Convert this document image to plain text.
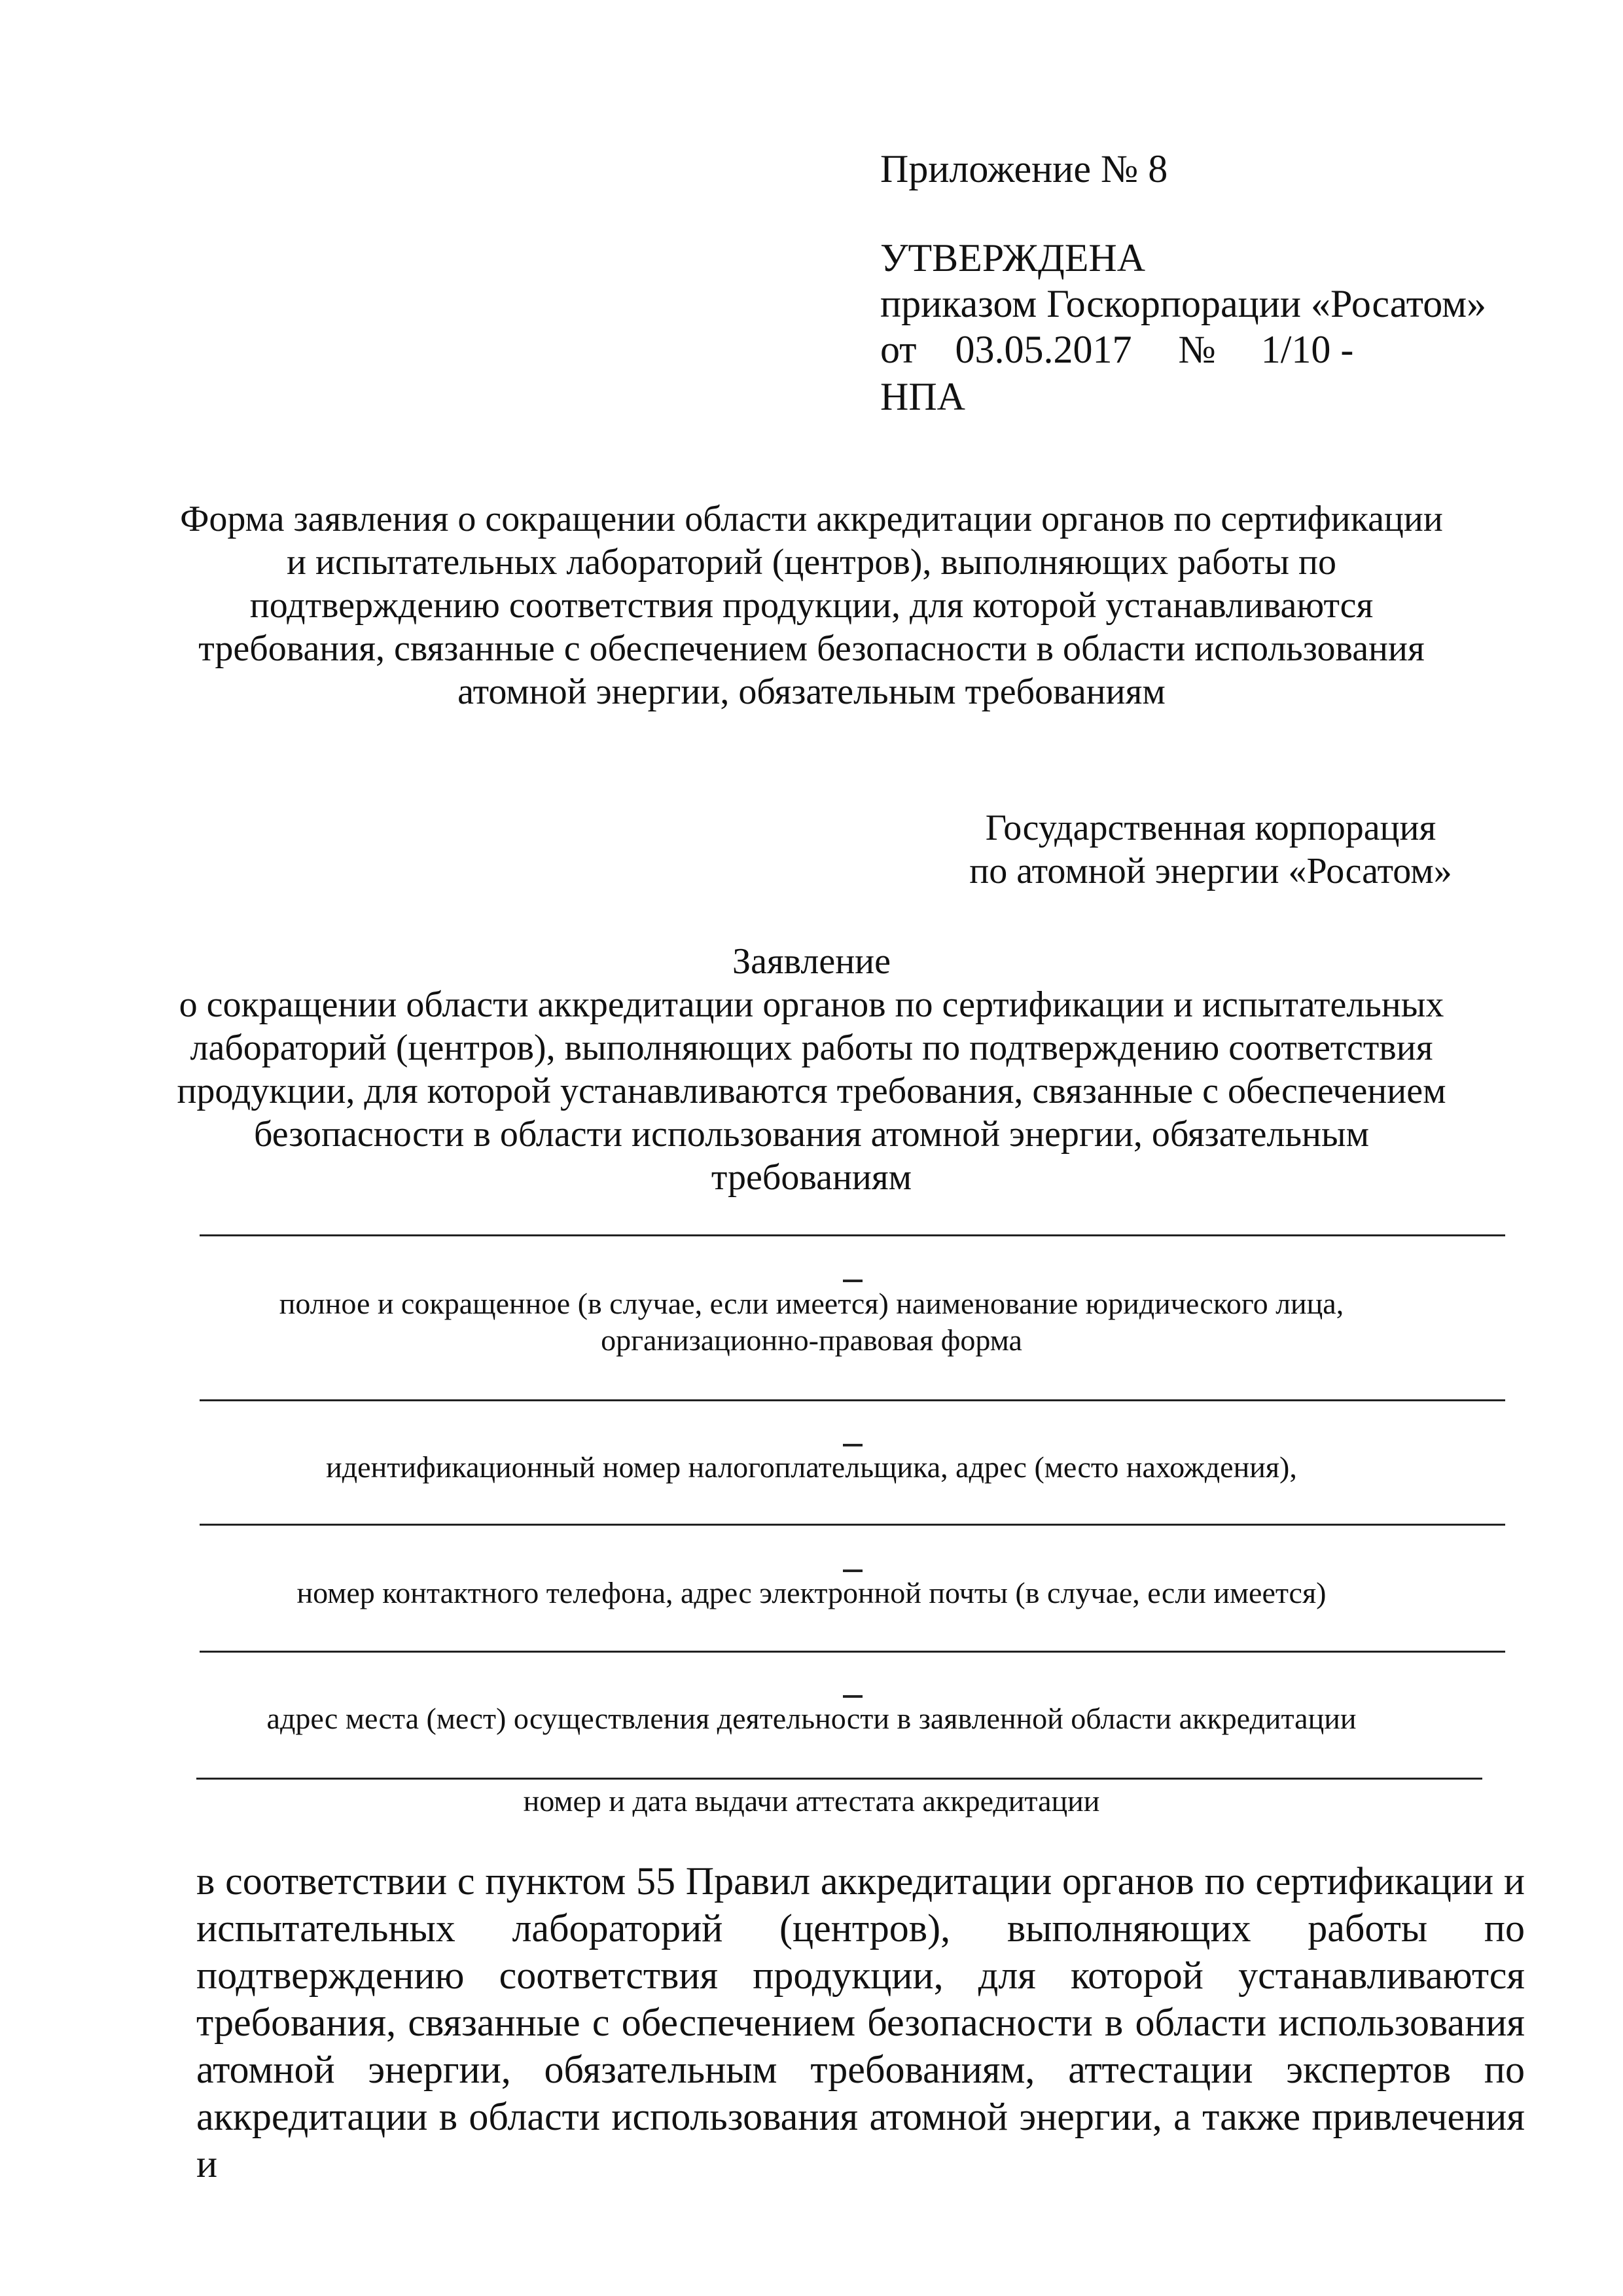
Приложение № 8
УТВЕРЖДЕНА
приказом Госкорпорации «Росатом»
от 03.05.2017 № 1/10 - НПА
Форма заявления о сокращении области аккредитации органов по сертификации
и испытательных лабораторий (центров), выполняющих работы по
подтверждению соответствия продукции, для которой устанавливаются
требования, связанные с обеспечением безопасности в области использования
атомной энергии, обязательным требованиям
Государственная корпорация
по атомной энергии «Росатом»
Заявление
о сокращении области аккредитации органов по сертификации и испытательных
лабораторий (центров), выполняющих работы по подтверждению соответствия
продукции, для которой устанавливаются требования, связанные с обеспечением
безопасности в области использования атомной энергии, обязательным
требованиям
полное и сокращенное (в случае, если имеется) наименование юридического лица,
организационно-правовая форма
идентификационный номер налогоплательщика, адрес (место нахождения),
номер контактного телефона, адрес электронной почты (в случае, если имеется)
адрес места (мест) осуществления деятельности в заявленной области аккредитации
номер и дата выдачи аттестата аккредитации
в соответствии с пунктом 55 Правил аккредитации органов по сертификации и
испытательных лабораторий (центров), выполняющих работы по
подтверждению соответствия продукции, для которой устанавливаются
требования, связанные с обеспечением безопасности в области использования
атомной энергии, обязательным требованиям, аттестации экспертов по
аккредитации в области использования атомной энергии, а также привлечения и
